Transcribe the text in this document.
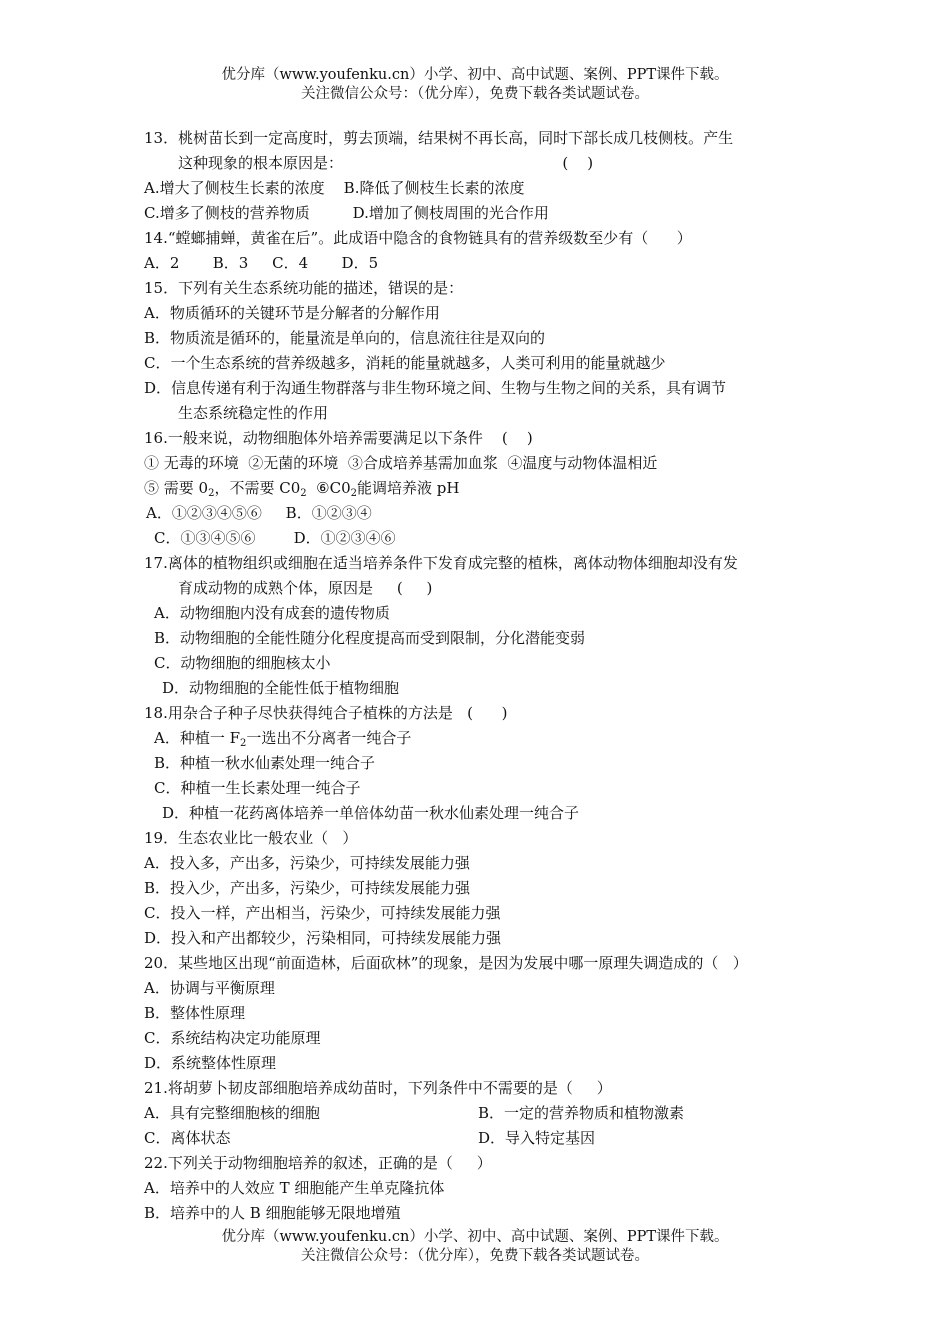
优分库（www.youfenku.cn）小学、初中、高中试题、案例、PPT课件下载。
关注微信公众号：（优分库），免费下载各类试题试卷。
13．桃树苗长到一定高度时，剪去顶端，结果树不再长高，同时下部长成几枝侧枝。产生
这种现象的根本原因是：                                              (    )
A.增大了侧枝生长素的浓度    B.降低了侧枝生长素的浓度
C.增多了侧枝的营养物质         D.增加了侧枝周围的光合作用
14.“螳螂捕蝉，黄雀在后”。此成语中隐含的食物链具有的营养级数至少有（      ）
A．2       B．3     C．4       D．5
15．下列有关生态系统功能的描述，错误的是：
A．物质循环的关键环节是分解者的分解作用
B．物质流是循环的，能量流是单向的，信息流往往是双向的
C．一个生态系统的营养级越多，消耗的能量就越多，人类可利用的能量就越少
D．信息传递有利于沟通生物群落与非生物环境之间、生物与生物之间的关系，具有调节
生态系统稳定性的作用
16.一般来说，动物细胞体外培养需要满足以下条件    (    )
① 无毒的环境  ②无菌的环境  ③合成培养基需加血浆  ④温度与动物体温相近
⑤ 需要 $0_2$，不需要 $C0_2$  $⑥C0_2$能调培养液 pH
A．①②③④⑤⑥     B．①②③④
C．①③④⑤⑥        D．①②③④⑥
17.离体的植物组织或细胞在适当培养条件下发育成完整的植株，离体动物体细胞却没有发
育成动物的成熟个体，原因是     (     )
A．动物细胞内没有成套的遗传物质
B．动物细胞的全能性随分化程度提高而受到限制，分化潜能变弱
C．动物细胞的细胞核太小
D．动物细胞的全能性低于植物细胞
18.用杂合子种子尽快获得纯合子植株的方法是   (      )
A．种植一 $F_2$一选出不分离者一纯合子
B．种植一秋水仙素处理一纯合子
C．种植一生长素处理一纯合子
D．种植一花药离体培养一单倍体幼苗一秋水仙素处理一纯合子
19．生态农业比一般农业（   ）
A．投入多，产出多，污染少，可持续发展能力强
B．投入少，产出多，污染少，可持续发展能力强
C．投入一样，产出相当，污染少，可持续发展能力强
D．投入和产出都较少，污染相同，可持续发展能力强
20．某些地区出现“前面造林，后面砍林”的现象，是因为发展中哪一原理失调造成的（   ）
A．协调与平衡原理
B．整体性原理
C．系统结构决定功能原理
D．系统整体性原理
21.将胡萝卜韧皮部细胞培养成幼苗时，下列条件中不需要的是（     ）
A．具有完整细胞核的细胞	B．一定的营养物质和植物激素
C．离体状态	D．导入特定基因
22.下列关于动物细胞培养的叙述，正确的是（     ）
A．培养中的人效应 T 细胞能产生单克隆抗体
B．培养中的人 B 细胞能够无限地增殖
优分库（www.youfenku.cn）小学、初中、高中试题、案例、PPT课件下载。
关注微信公众号：（优分库），免费下载各类试题试卷。
